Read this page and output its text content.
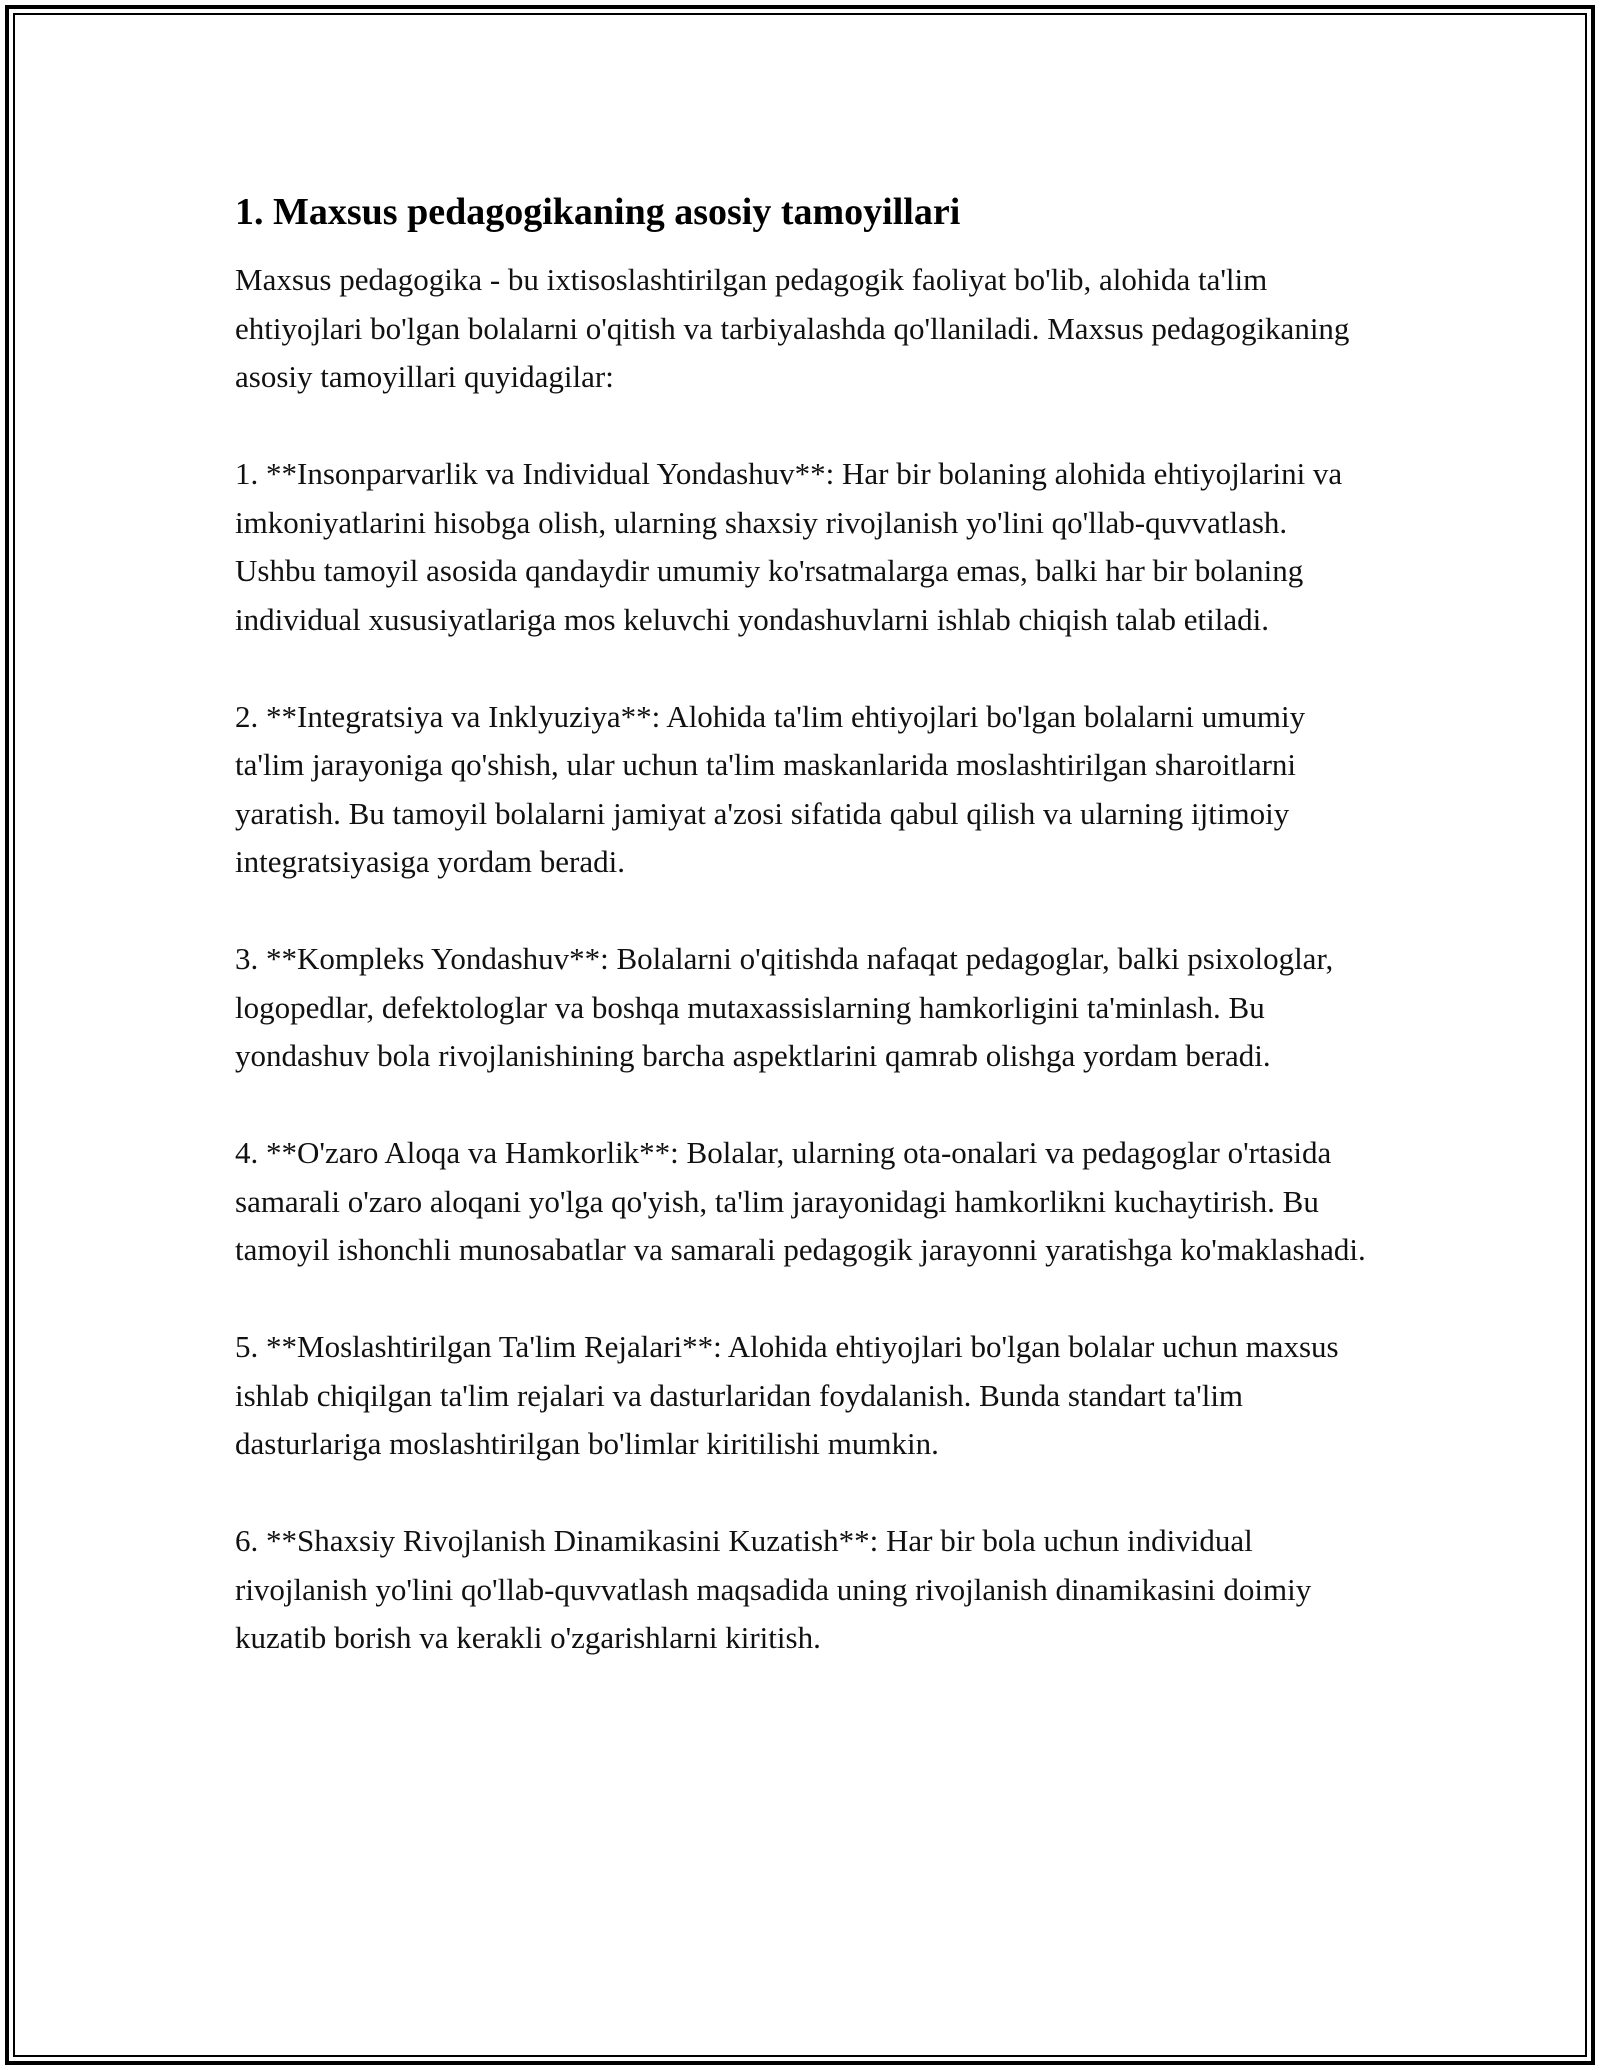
1. Maxsus pedagogikaning asosiy tamoyillari

Maxsus pedagogika - bu ixtisoslashtirilgan pedagogik faoliyat bo'lib, alohida ta'lim ehtiyojlari bo'lgan bolalarni o'qitish va tarbiyalashda qo'llaniladi. Maxsus pedagogikaning asosiy tamoyillari quyidagilar:

1. **Insonparvarlik va Individual Yondashuv**: Har bir bolaning alohida ehtiyojlarini va imkoniyatlarini hisobga olish, ularning shaxsiy rivojlanish yo'lini qo'llab-quvvatlash. Ushbu tamoyil asosida qandaydir umumiy ko'rsatmalarga emas, balki har bir bolaning individual xususiyatlariga mos keluvchi yondashuvlarni ishlab chiqish talab etiladi.

2. **Integratsiya va Inklyuziya**: Alohida ta'lim ehtiyojlari bo'lgan bolalarni umumiy ta'lim jarayoniga qo'shish, ular uchun ta'lim maskanlarida moslashtirilgan sharoitlarni yaratish. Bu tamoyil bolalarni jamiyat a'zosi sifatida qabul qilish va ularning ijtimoiy integratsiyasiga yordam beradi.

3. **Kompleks Yondashuv**: Bolalarni o'qitishda nafaqat pedagoglar, balki psixologlar, logopedlar, defektologlar va boshqa mutaxassislarning hamkorligini ta'minlash. Bu yondashuv bola rivojlanishining barcha aspektlarini qamrab olishga yordam beradi.

4. **O'zaro Aloqa va Hamkorlik**: Bolalar, ularning ota-onalari va pedagoglar o'rtasida samarali o'zaro aloqani yo'lga qo'yish, ta'lim jarayonidagi hamkorlikni kuchaytirish. Bu tamoyil ishonchli munosabatlar va samarali pedagogik jarayonni yaratishga ko'maklashadi.

5. **Moslashtirilgan Ta'lim Rejalari**: Alohida ehtiyojlari bo'lgan bolalar uchun maxsus ishlab chiqilgan ta'lim rejalari va dasturlaridan foydalanish. Bunda standart ta'lim dasturlariga moslashtirilgan bo'limlar kiritilishi mumkin.

6. **Shaxsiy Rivojlanish Dinamikasini Kuzatish**: Har bir bola uchun individual rivojlanish yo'lini qo'llab-quvvatlash maqsadida uning rivojlanish dinamikasini doimiy kuzatib borish va kerakli o'zgarishlarni kiritish.
